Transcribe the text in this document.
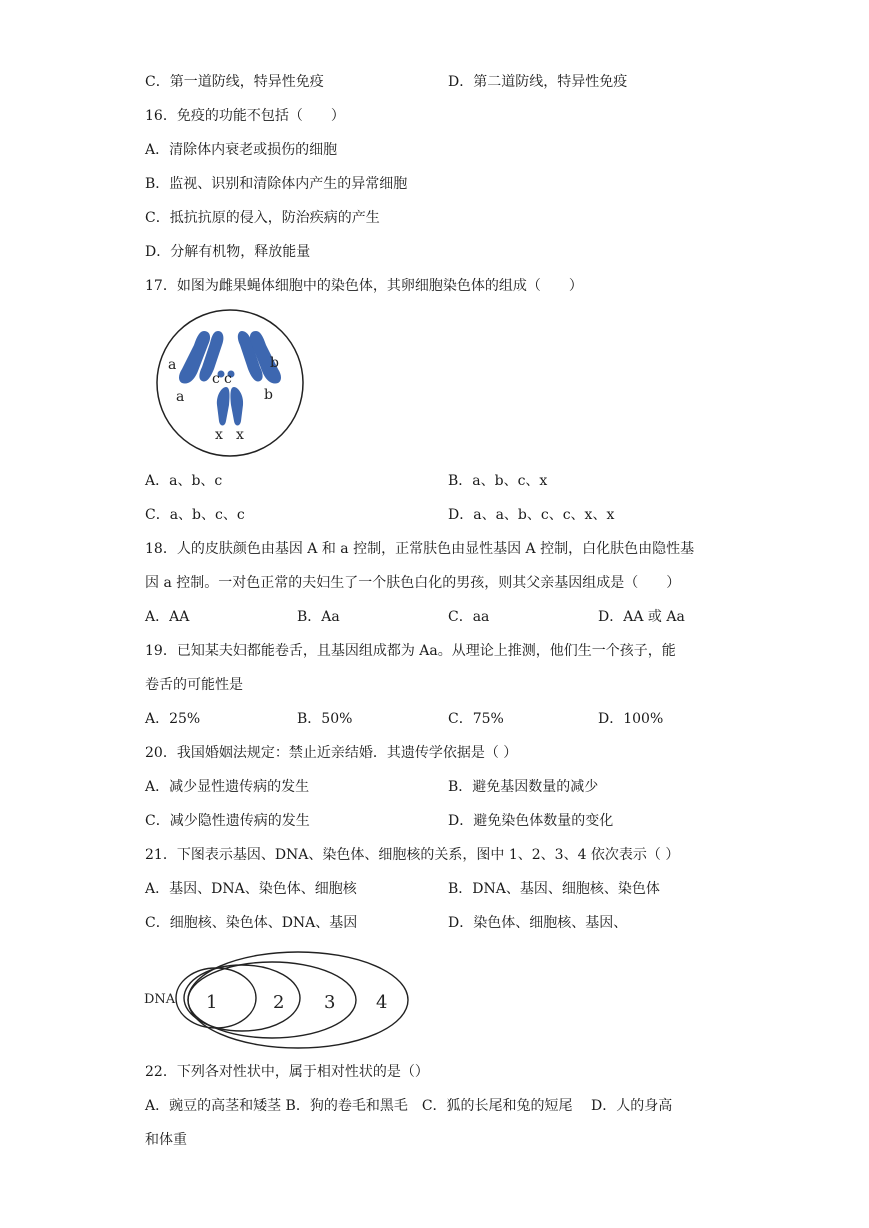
C．第一道防线，特异性免疫	D．第二道防线，特异性免疫
16．免疫的功能不包括（　　）
A．清除体内衰老或损伤的细胞
B．监视、识别和清除体内产生的异常细胞
C．抵抗抗原的侵入，防治疾病的产生
D．分解有机物，释放能量
17．如图为雌果蝇体细胞中的染色体，其卵细胞染色体的组成（　　）
a
a
c c
b
b
x x
A．a、b、c	B．a、b、c、x
C．a、b、c、c	D．a、a、b、c、c、x、x
18．人的皮肤颜色由基因 A 和 a 控制，正常肤色由显性基因 A 控制，白化肤色由隐性基
因 a 控制。一对色正常的夫妇生了一个肤色白化的男孩，则其父亲基因组成是（　　）
A．AA	B．Aa	C．aa	D．AA 或 Aa
19．已知某夫妇都能卷舌，且基因组成都为 Aa。从理论上推测，他们生一个孩子，能
卷舌的可能性是
A．25%	B．50%	C．75%	D．100%
20．我国婚姻法规定：禁止近亲结婚．其遗传学依据是（ ）
A．减少显性遗传病的发生	B．避免基因数量的减少
C．减少隐性遗传病的发生	D．避免染色体数量的变化
21．下图表示基因、DNA、染色体、细胞核的关系，图中 1、2、3、4 依次表示（ ）
A．基因、DNA、染色体、细胞核	B．DNA、基因、细胞核、染色体
C．细胞核、染色体、DNA、基因	D．染色体、细胞核、基因、
DNA 1	2 3 4
22．下列各对性状中，属于相对性状的是（）
A．豌豆的高茎和矮茎 B．狗的卷毛和黑毛　C．狐的长尾和兔的短尾　 D．人的身高
和体重
